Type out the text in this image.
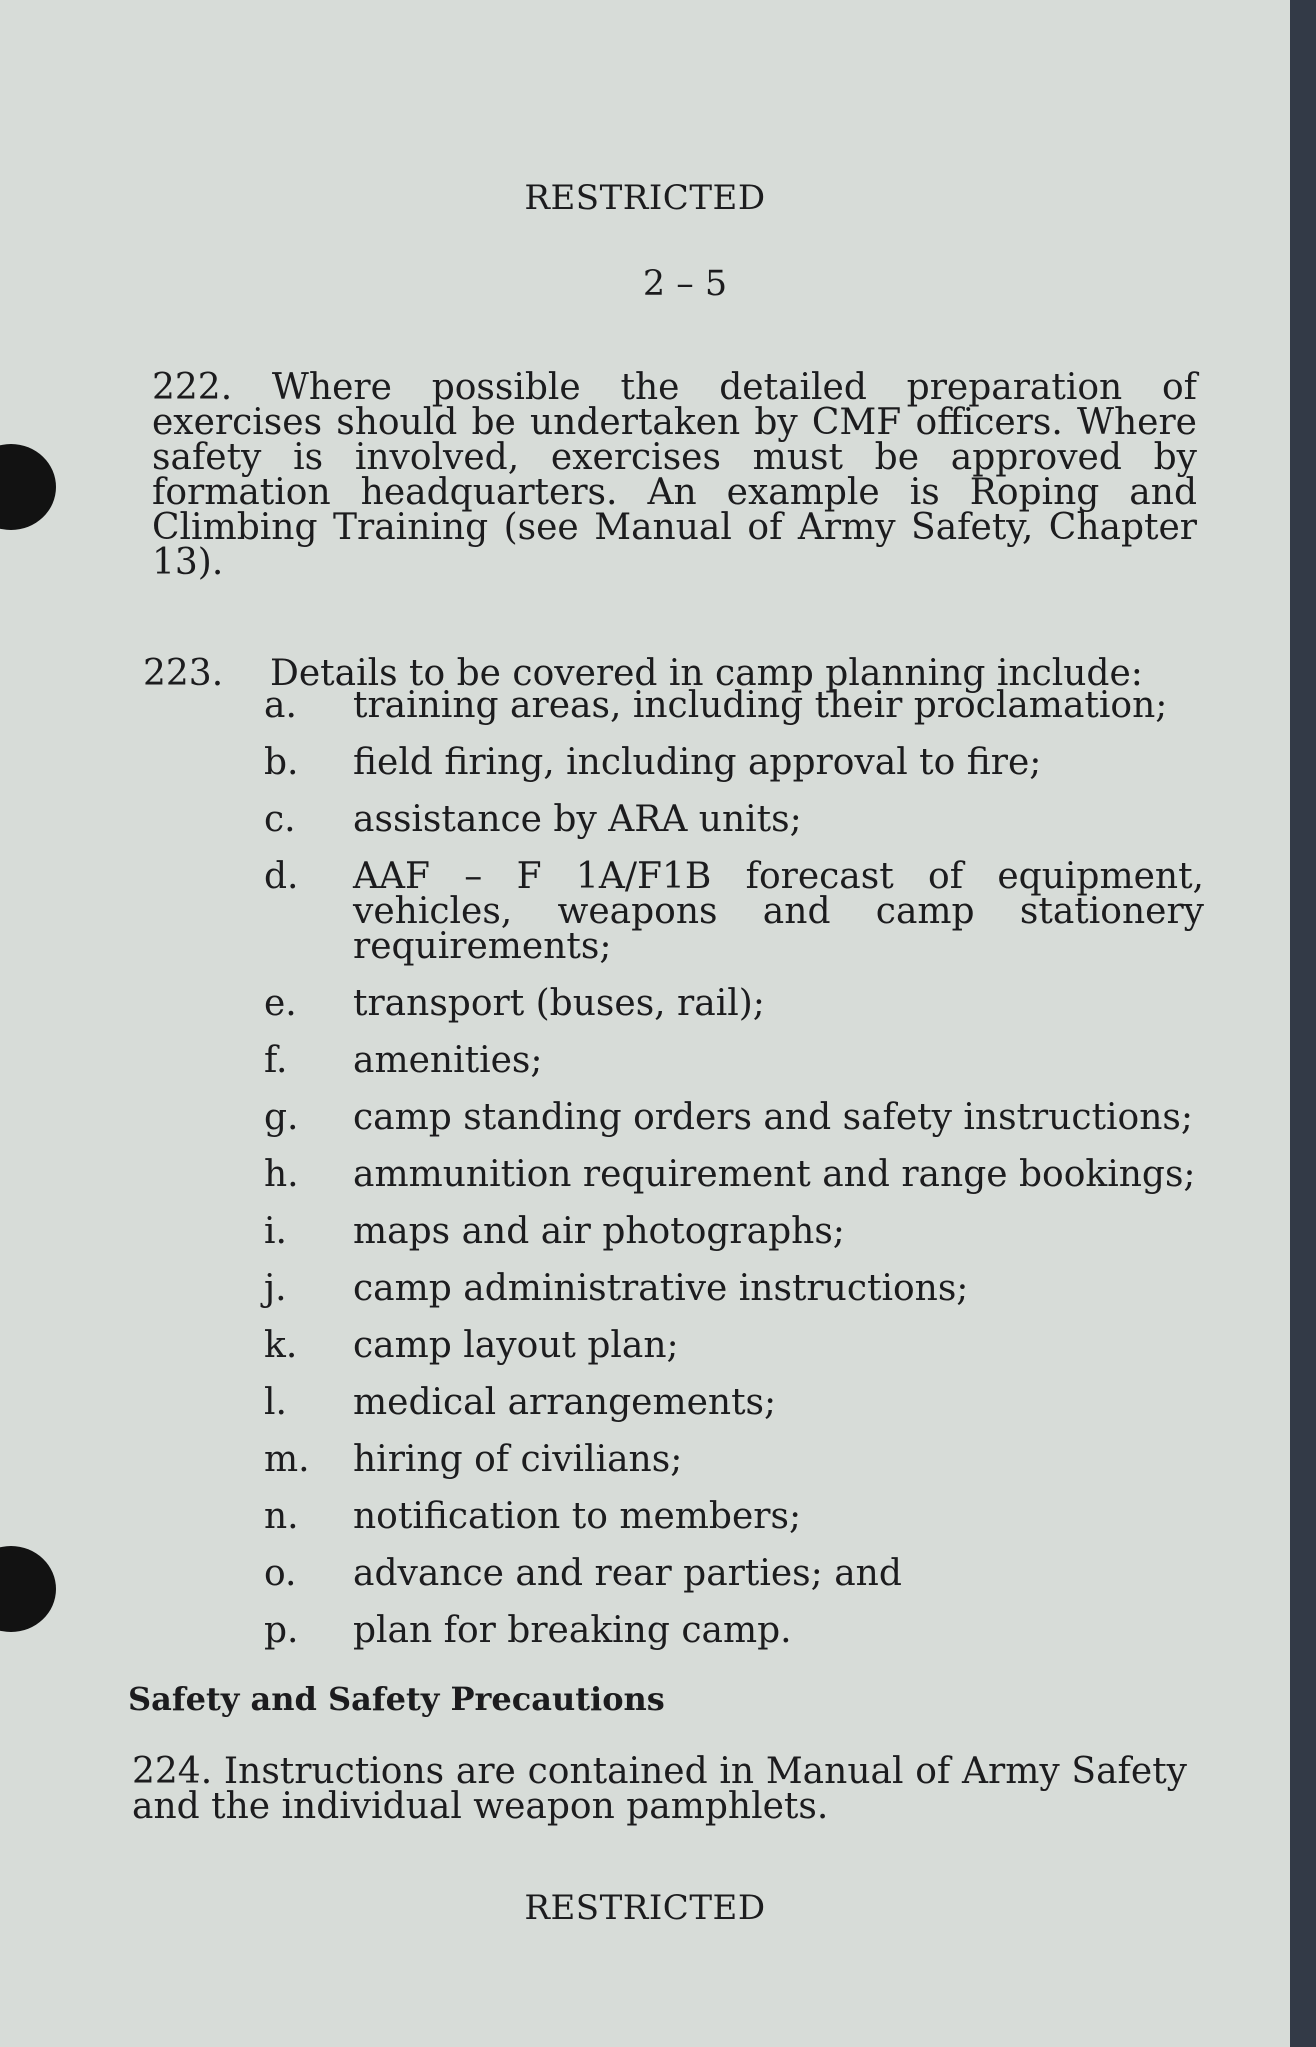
RESTRICTED
2 – 5
222. Where possible the detailed preparation of exercises should be undertaken by CMF officers. Where safety is involved, exercises must be approved by formation headquarters. An example is Roping and Climbing Training (see Manual of Army Safety, Chapter 13).
223. Details to be covered in camp planning include:
a.	training areas, including their proclamation;
b.	field firing, including approval to fire;
c.	assistance by ARA units;
d.	AAF – F 1A/F1B forecast of equipment, vehicles, weapons and camp stationery requirements;
e.	transport (buses, rail);
f.	amenities;
g.	camp standing orders and safety instructions;
h.	ammunition requirement and range bookings;
i.	maps and air photographs;
j.	camp administrative instructions;
k.	camp layout plan;
l.	medical arrangements;
m.	hiring of civilians;
n.	notification to members;
o.	advance and rear parties; and
p.	plan for breaking camp.
Safety and Safety Precautions
224. Instructions are contained in Manual of Army Safety and the individual weapon pamphlets.
RESTRICTED
